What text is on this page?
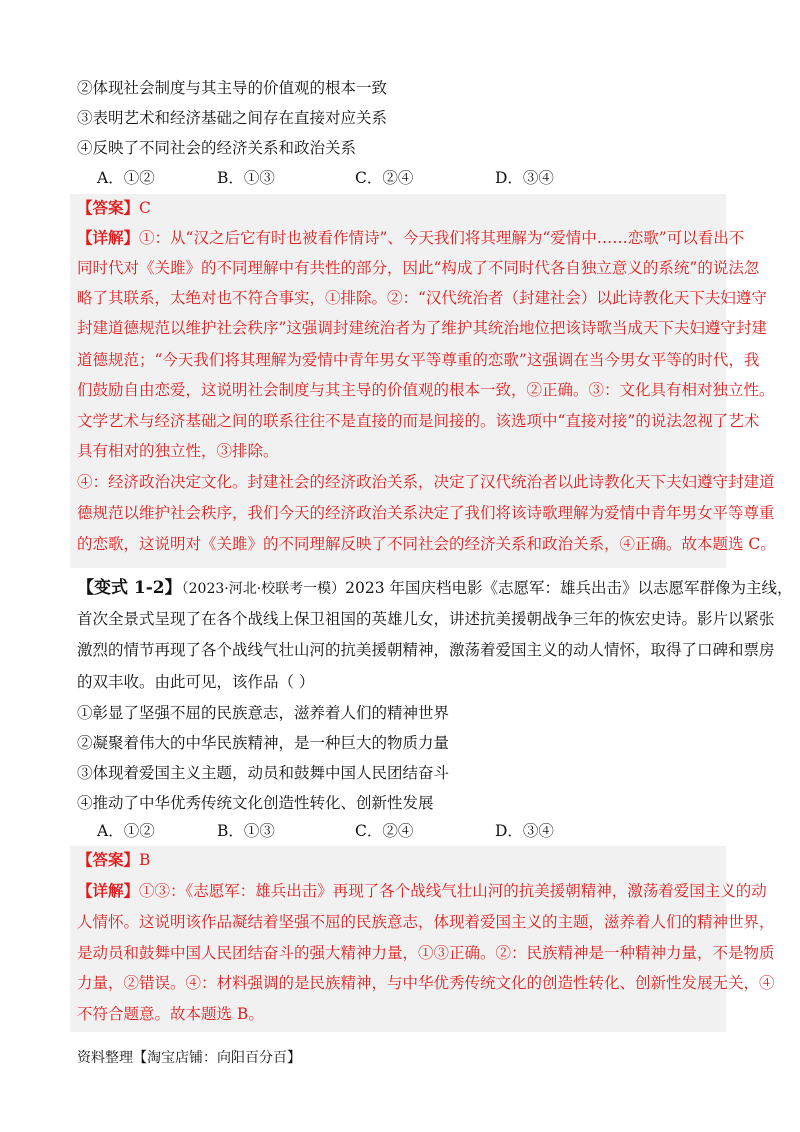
②体现社会制度与其主导的价值观的根本一致
③表明艺术和经济基础之间存在直接对应关系
④反映了不同社会的经济关系和政治关系
A．①②	B．①③	C．②④	D．③④
【答案】C
【详解】①：从“汉之后它有时也被看作情诗”、今天我们将其理解为“爱情中……恋歌”可以看出不
同时代对《关雎》的不同理解中有共性的部分，因此“构成了不同时代各自独立意义的系统”的说法忽
略了其联系，太绝对也不符合事实，①排除。②：“汉代统治者（封建社会）以此诗教化天下夫妇遵守
封建道德规范以维护社会秩序”这强调封建统治者为了维护其统治地位把该诗歌当成天下夫妇遵守封建
道德规范；“今天我们将其理解为爱情中青年男女平等尊重的恋歌”这强调在当今男女平等的时代，我
们鼓励自由恋爱，这说明社会制度与其主导的价值观的根本一致，②正确。③：文化具有相对独立性。
文学艺术与经济基础之间的联系往往不是直接的而是间接的。该选项中“直接对接”的说法忽视了艺术
具有相对的独立性，③排除。
④：经济政治决定文化。封建社会的经济政治关系，决定了汉代统治者以此诗教化天下夫妇遵守封建道
德规范以维护社会秩序，我们今天的经济政治关系决定了我们将该诗歌理解为爱情中青年男女平等尊重
的恋歌，这说明对《关雎》的不同理解反映了不同社会的经济关系和政治关系，④正确。故本题选 C。
【变式 1-2】（2023·河北·校联考一模）2023 年国庆档电影《志愿军：雄兵出击》以志愿军群像为主线，
首次全景式呈现了在各个战线上保卫祖国的英雄儿女，讲述抗美援朝战争三年的恢宏史诗。影片以紧张
激烈的情节再现了各个战线气壮山河的抗美援朝精神，激荡着爱国主义的动人情怀，取得了口碑和票房
的双丰收。由此可见，该作品（ ）
①彰显了坚强不屈的民族意志，滋养着人们的精神世界
②凝聚着伟大的中华民族精神，是一种巨大的物质力量
③体现着爱国主义主题，动员和鼓舞中国人民团结奋斗
④推动了中华优秀传统文化创造性转化、创新性发展
A．①②	B．①③	C．②④	D．③④
【答案】B
【详解】①③：《志愿军：雄兵出击》再现了各个战线气壮山河的抗美援朝精神，激荡着爱国主义的动
人情怀。这说明该作品凝结着坚强不屈的民族意志，体现着爱国主义的主题，滋养着人们的精神世界，
是动员和鼓舞中国人民团结奋斗的强大精神力量，①③正确。②：民族精神是一种精神力量，不是物质
力量，②错误。④：材料强调的是民族精神，与中华优秀传统文化的创造性转化、创新性发展无关，④
不符合题意。故本题选 B。
资料整理【淘宝店铺：向阳百分百】
